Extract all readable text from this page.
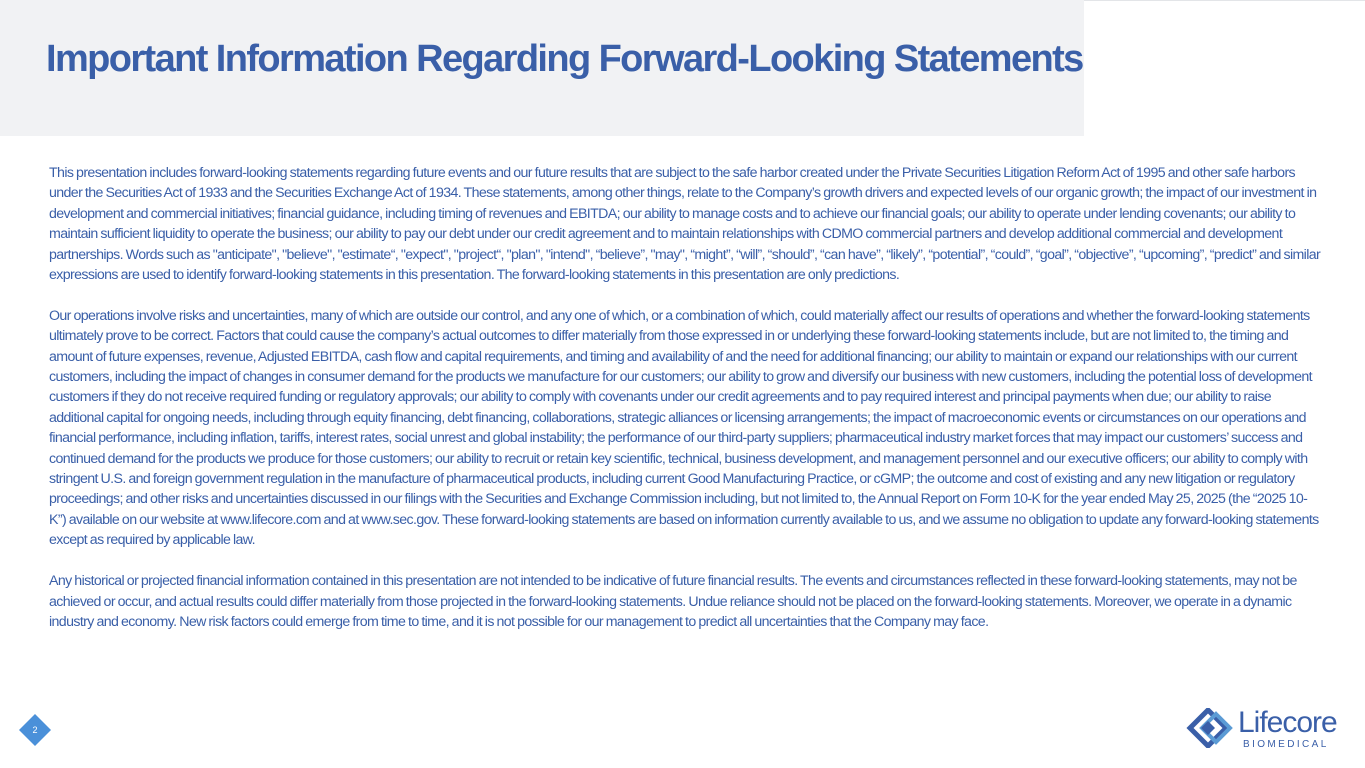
Important Information Regarding Forward-Looking Statements

This presentation includes forward-looking statements regarding future events and our future results that are subject to the safe harbor created under the Private Securities Litigation Reform Act of 1995 and other safe harbors under the Securities Act of 1933 and the Securities Exchange Act of 1934. These statements, among other things, relate to the Company’s growth drivers and expected levels of our organic growth; the impact of our investment in development and commercial initiatives; financial guidance, including timing of revenues and EBITDA; our ability to manage costs and to achieve our financial goals; our ability to operate under lending covenants; our ability to maintain sufficient liquidity to operate the business; our ability to pay our debt under our credit agreement and to maintain relationships with CDMO commercial partners and develop additional commercial and development partnerships. Words such as "anticipate", "believe", "estimate“, "expect", "project“, "plan", "intend", “believe”, "may", “might”, “will”, “should”, “can have”, “likely”, “potential”, “could”, “goal”, “objective”, “upcoming”, “predict” and similar expressions are used to identify forward-looking statements in this presentation. The forward-looking statements in this presentation are only predictions.

Our operations involve risks and uncertainties, many of which are outside our control, and any one of which, or a combination of which, could materially affect our results of operations and whether the forward-looking statements ultimately prove to be correct. Factors that could cause the company’s actual outcomes to differ materially from those expressed in or underlying these forward-looking statements include, but are not limited to, the timing and amount of future expenses, revenue, Adjusted EBITDA, cash flow and capital requirements, and timing and availability of and the need for additional financing; our ability to maintain or expand our relationships with our current customers, including the impact of changes in consumer demand for the products we manufacture for our customers; our ability to grow and diversify our business with new customers, including the potential loss of development customers if they do not receive required funding or regulatory approvals; our ability to comply with covenants under our credit agreements and to pay required interest and principal payments when due; our ability to raise additional capital for ongoing needs, including through equity financing, debt financing, collaborations, strategic alliances or licensing arrangements; the impact of macroeconomic events or circumstances on our operations and financial performance, including inflation, tariffs, interest rates, social unrest and global instability; the performance of our third-party suppliers; pharmaceutical industry market forces that may impact our customers’ success and continued demand for the products we produce for those customers; our ability to recruit or retain key scientific, technical, business development, and management personnel and our executive officers; our ability to comply with stringent U.S. and foreign government regulation in the manufacture of pharmaceutical products, including current Good Manufacturing Practice, or cGMP; the outcome and cost of existing and any new litigation or regulatory proceedings; and other risks and uncertainties discussed in our filings with the Securities and Exchange Commission including, but not limited to, the Annual Report on Form 10-K for the year ended May 25, 2025 (the “2025 10-K”) available on our website at www.lifecore.com and at www.sec.gov. These forward-looking statements are based on information currently available to us, and we assume no obligation to update any forward-looking statements except as required by applicable law.

Any historical or projected financial information contained in this presentation are not intended to be indicative of future financial results. The events and circumstances reflected in these forward-looking statements, may not be achieved or occur, and actual results could differ materially from those projected in the forward-looking statements. Undue reliance should not be placed on the forward-looking statements. Moreover, we operate in a dynamic industry and economy. New risk factors could emerge from time to time, and it is not possible for our management to predict all uncertainties that the Company may face.

2	Lifecore
BIOMEDICAL
